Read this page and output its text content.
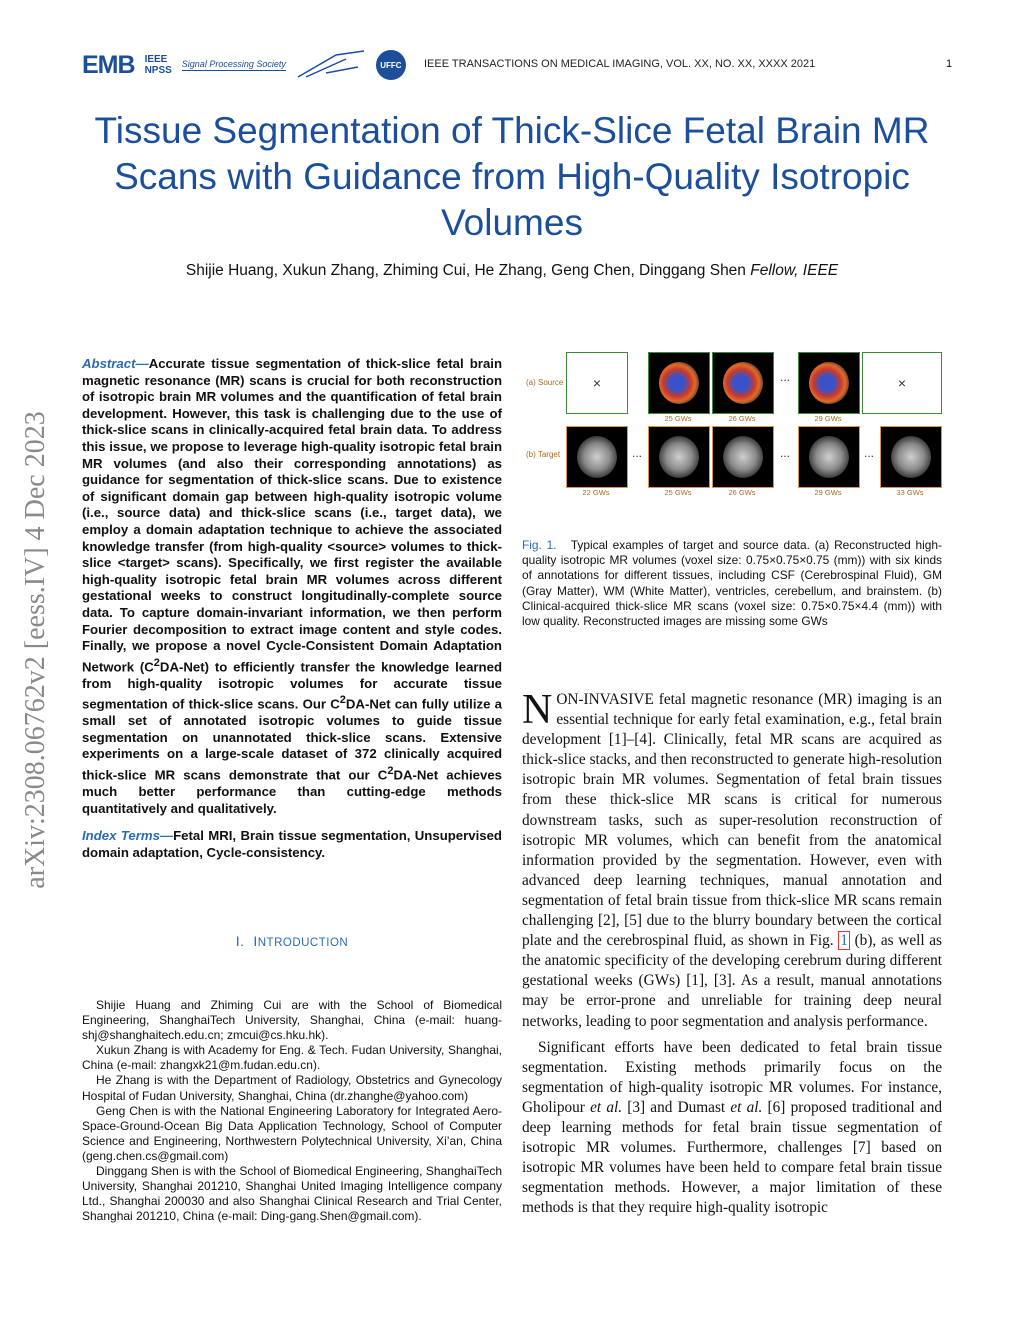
EMB IEEE
NPSS
Signal Processing Society	UFFC	IEEE TRANSACTIONS ON MEDICAL IMAGING, VOL. XX, NO. XX, XXXX 2021	1
Tissue Segmentation of Thick-Slice Fetal Brain MR Scans with Guidance from High-Quality Isotropic Volumes
Shijie Huang, Xukun Zhang, Zhiming Cui, He Zhang, Geng Chen, Dinggang Shen Fellow, IEEE
arXiv:2308.06762v2 [eess.IV] 4 Dec 2023
Abstract—Accurate tissue segmentation of thick-slice fetal brain magnetic resonance (MR) scans is crucial for both reconstruction of isotropic brain MR volumes and the quantification of fetal brain development. However, this task is challenging due to the use of thick-slice scans in clinically-acquired fetal brain data. To address this issue, we propose to leverage high-quality isotropic fetal brain MR volumes (and also their corresponding annotations) as guidance for segmentation of thick-slice scans. Due to existence of significant domain gap between high-quality isotropic volume (i.e., source data) and thick-slice scans (i.e., target data), we employ a domain adaptation technique to achieve the associated knowledge transfer (from high-quality <source> volumes to thick-slice <target> scans). Specifically, we first register the available high-quality isotropic fetal brain MR volumes across different gestational weeks to construct longitudinally-complete source data. To capture domain-invariant information, we then perform Fourier decomposition to extract image content and style codes. Finally, we propose a novel Cycle-Consistent Domain Adaptation Network $(C^2DA-Net)$ to efficiently transfer the knowledge learned from high-quality isotropic volumes for accurate tissue segmentation of thick-slice scans. Our $C^2DA$-Net can fully utilize a small set of annotated isotropic volumes to guide tissue segmentation on unannotated thick-slice scans. Extensive experiments on a large-scale dataset of 372 clinically acquired thick-slice MR scans demonstrate that our $C^2DA$-Net achieves much better performance than cutting-edge methods quantitatively and qualitatively.
Index Terms—Fetal MRI, Brain tissue segmentation, Unsupervised domain adaptation, Cycle-consistency.
I. INTRODUCTION

Shijie Huang and Zhiming Cui are with the School of Biomedical Engineering, ShanghaiTech University, Shanghai, China (e-mail: huang-shj@shanghaitech.edu.cn; zmcui@cs.hku.hk).

Xukun Zhang is with Academy for Eng. & Tech. Fudan University, Shanghai, China (e-mail: zhangxk21@m.fudan.edu.cn).

He Zhang is with the Department of Radiology, Obstetrics and Gynecology Hospital of Fudan University, Shanghai, China (dr.zhanghe@yahoo.com)

Geng Chen is with the National Engineering Laboratory for Integrated Aero-Space-Ground-Ocean Big Data Application Technology, School of Computer Science and Engineering, Northwestern Polytechnical University, Xi’an, China (geng.chen.cs@gmail.com)

Dinggang Shen is with the School of Biomedical Engineering, ShanghaiTech University, Shanghai 201210, Shanghai United Imaging Intelligence company Ltd., Shanghai 200030 and also Shanghai Clinical Research and Trial Center, Shanghai 201210, China (e-mail: Ding-gang.Shen@gmail.com).

(a) Source
(b) Target
×	...	×
25 GWs	26 GWs	29 GWs
...	...	...
22 GWs	25 GWs	26 GWs	29 GWs	33 GWs
Fig. 1. Typical examples of target and source data. (a) Reconstructed high-quality isotropic MR volumes (voxel size: 0.75×0.75×0.75 (mm)) with six kinds of annotations for different tissues, including CSF (Cerebrospinal Fluid), GM (Gray Matter), WM (White Matter), ventricles, cerebellum, and brainstem. (b) Clinical-acquired thick-slice MR scans (voxel size: 0.75×0.75×4.4 (mm)) with low quality. Reconstructed images are missing some GWs

NON-INVASIVE fetal magnetic resonance (MR) imaging is an essential technique for early fetal examination, e.g., fetal brain development [1]–[4]. Clinically, fetal MR scans are acquired as thick-slice stacks, and then reconstructed to generate high-resolution isotropic brain MR volumes. Segmentation of fetal brain tissues from these thick-slice MR scans is critical for numerous downstream tasks, such as super-resolution reconstruction of isotropic MR volumes, which can benefit from the anatomical information provided by the segmentation. However, even with advanced deep learning techniques, manual annotation and segmentation of fetal brain tissue from thick-slice MR scans remain challenging [2], [5] due to the blurry boundary between the cortical plate and the cerebrospinal fluid, as shown in Fig. 1 (b), as well as the anatomic specificity of the developing cerebrum during different gestational weeks (GWs) [1], [3]. As a result, manual annotations may be error-prone and unreliable for training deep neural networks, leading to poor segmentation and analysis performance.

Significant efforts have been dedicated to fetal brain tissue segmentation. Existing methods primarily focus on the segmentation of high-quality isotropic MR volumes. For instance, Gholipour et al. [3] and Dumast et al. [6] proposed traditional and deep learning methods for fetal brain tissue segmentation of isotropic MR volumes. Furthermore, challenges [7] based on isotropic MR volumes have been held to compare fetal brain tissue segmentation methods. However, a major limitation of these methods is that they require high-quality isotropic
